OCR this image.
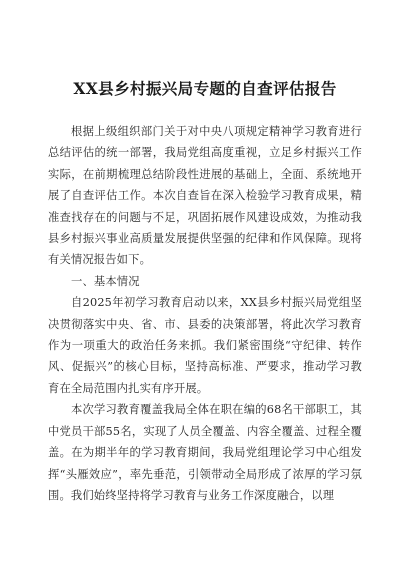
XX县乡村振兴局专题的自查评估报告

根据上级组织部门关于对中央八项规定精神学习教育进行总结评估的统一部署，我局党组高度重视，立足乡村振兴工作实际，在前期梳理总结阶段性进展的基础上，全面、系统地开展了自查评估工作。本次自查旨在深入检验学习教育成果，精准查找存在的问题与不足，巩固拓展作风建设成效，为推动我县乡村振兴事业高质量发展提供坚强的纪律和作风保障。现将有关情况报告如下。

一、基本情况

自2025年初学习教育启动以来，XX县乡村振兴局党组坚决贯彻落实中央、省、市、县委的决策部署，将此次学习教育作为一项重大的政治任务来抓。我们紧密围绕“守纪律、转作风、促振兴”的核心目标，坚持高标准、严要求，推动学习教育在全局范围内扎实有序开展。

本次学习教育覆盖我局全体在职在编的68名干部职工，其中党员干部55名，实现了人员全覆盖、内容全覆盖、过程全覆盖。在为期半年的学习教育期间，我局党组理论学习中心组发挥“头雁效应”，率先垂范，引领带动全局形成了浓厚的学习氛围。我们始终坚持将学习教育与业务工作深度融合，以理
